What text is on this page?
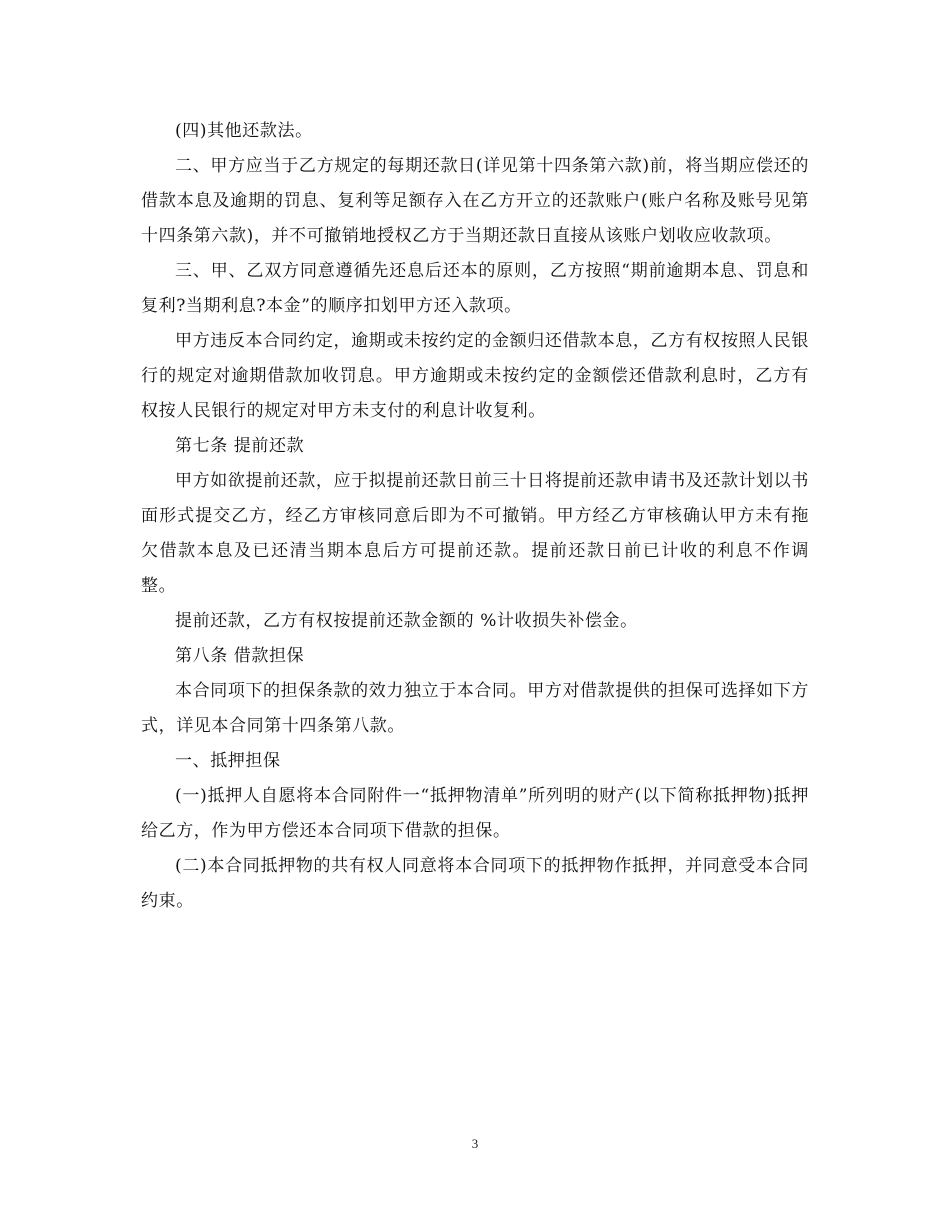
(四)其他还款法。

二、甲方应当于乙方规定的每期还款日(详见第十四条第六款)前，将当期应偿还的借款本息及逾期的罚息、复利等足额存入在乙方开立的还款账户(账户名称及账号见第十四条第六款)，并不可撤销地授权乙方于当期还款日直接从该账户划收应收款项。

三、甲、乙双方同意遵循先还息后还本的原则，乙方按照“期前逾期本息、罚息和复利?当期利息?本金”的顺序扣划甲方还入款项。

甲方违反本合同约定，逾期或未按约定的金额归还借款本息，乙方有权按照人民银行的规定对逾期借款加收罚息。甲方逾期或未按约定的金额偿还借款利息时，乙方有权按人民银行的规定对甲方未支付的利息计收复利。

第七条 提前还款

甲方如欲提前还款，应于拟提前还款日前三十日将提前还款申请书及还款计划以书面形式提交乙方，经乙方审核同意后即为不可撤销。甲方经乙方审核确认甲方未有拖欠借款本息及已还清当期本息后方可提前还款。提前还款日前已计收的利息不作调整。

提前还款，乙方有权按提前还款金额的 %计收损失补偿金。

第八条 借款担保

本合同项下的担保条款的效力独立于本合同。甲方对借款提供的担保可选择如下方式，详见本合同第十四条第八款。

一、抵押担保

(一)抵押人自愿将本合同附件一“抵押物清单”所列明的财产(以下简称抵押物)抵押给乙方，作为甲方偿还本合同项下借款的担保。

(二)本合同抵押物的共有权人同意将本合同项下的抵押物作抵押，并同意受本合同约束。

3
